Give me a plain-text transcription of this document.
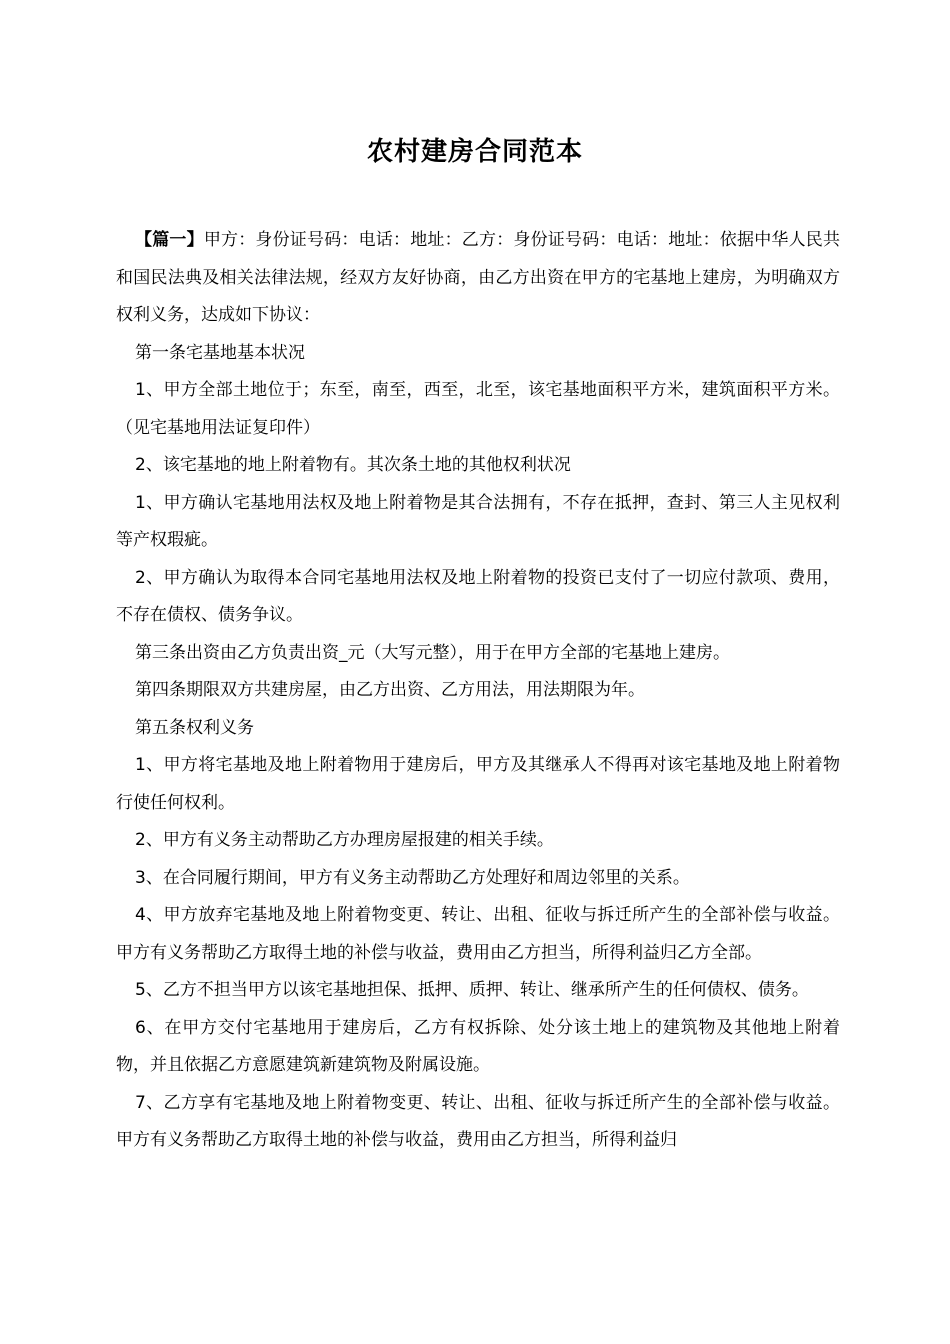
农村建房合同范本

【篇一】甲方：身份证号码：电话：地址：乙方：身份证号码：电话：地址：依据中华人民共和国民法典及相关法律法规，经双方友好协商，由乙方出资在甲方的宅基地上建房，为明确双方权利义务，达成如下协议：

第一条宅基地基本状况

1、甲方全部土地位于；东至，南至，西至，北至，该宅基地面积平方米，建筑面积平方米。（见宅基地用法证复印件）

2、该宅基地的地上附着物有。其次条土地的其他权利状况

1、甲方确认宅基地用法权及地上附着物是其合法拥有，不存在抵押，查封、第三人主见权利等产权瑕疵。

2、甲方确认为取得本合同宅基地用法权及地上附着物的投资已支付了一切应付款项、费用，不存在债权、债务争议。

第三条出资由乙方负责出资_元（大写元整），用于在甲方全部的宅基地上建房。

第四条期限双方共建房屋，由乙方出资、乙方用法，用法期限为年。

第五条权利义务

1、甲方将宅基地及地上附着物用于建房后，甲方及其继承人不得再对该宅基地及地上附着物行使任何权利。

2、甲方有义务主动帮助乙方办理房屋报建的相关手续。

3、在合同履行期间，甲方有义务主动帮助乙方处理好和周边邻里的关系。

4、甲方放弃宅基地及地上附着物变更、转让、出租、征收与拆迁所产生的全部补偿与收益。甲方有义务帮助乙方取得土地的补偿与收益，费用由乙方担当，所得利益归乙方全部。

5、乙方不担当甲方以该宅基地担保、抵押、质押、转让、继承所产生的任何债权、债务。

6、在甲方交付宅基地用于建房后，乙方有权拆除、处分该土地上的建筑物及其他地上附着物，并且依据乙方意愿建筑新建筑物及附属设施。

7、乙方享有宅基地及地上附着物变更、转让、出租、征收与拆迁所产生的全部补偿与收益。甲方有义务帮助乙方取得土地的补偿与收益，费用由乙方担当，所得利益归
